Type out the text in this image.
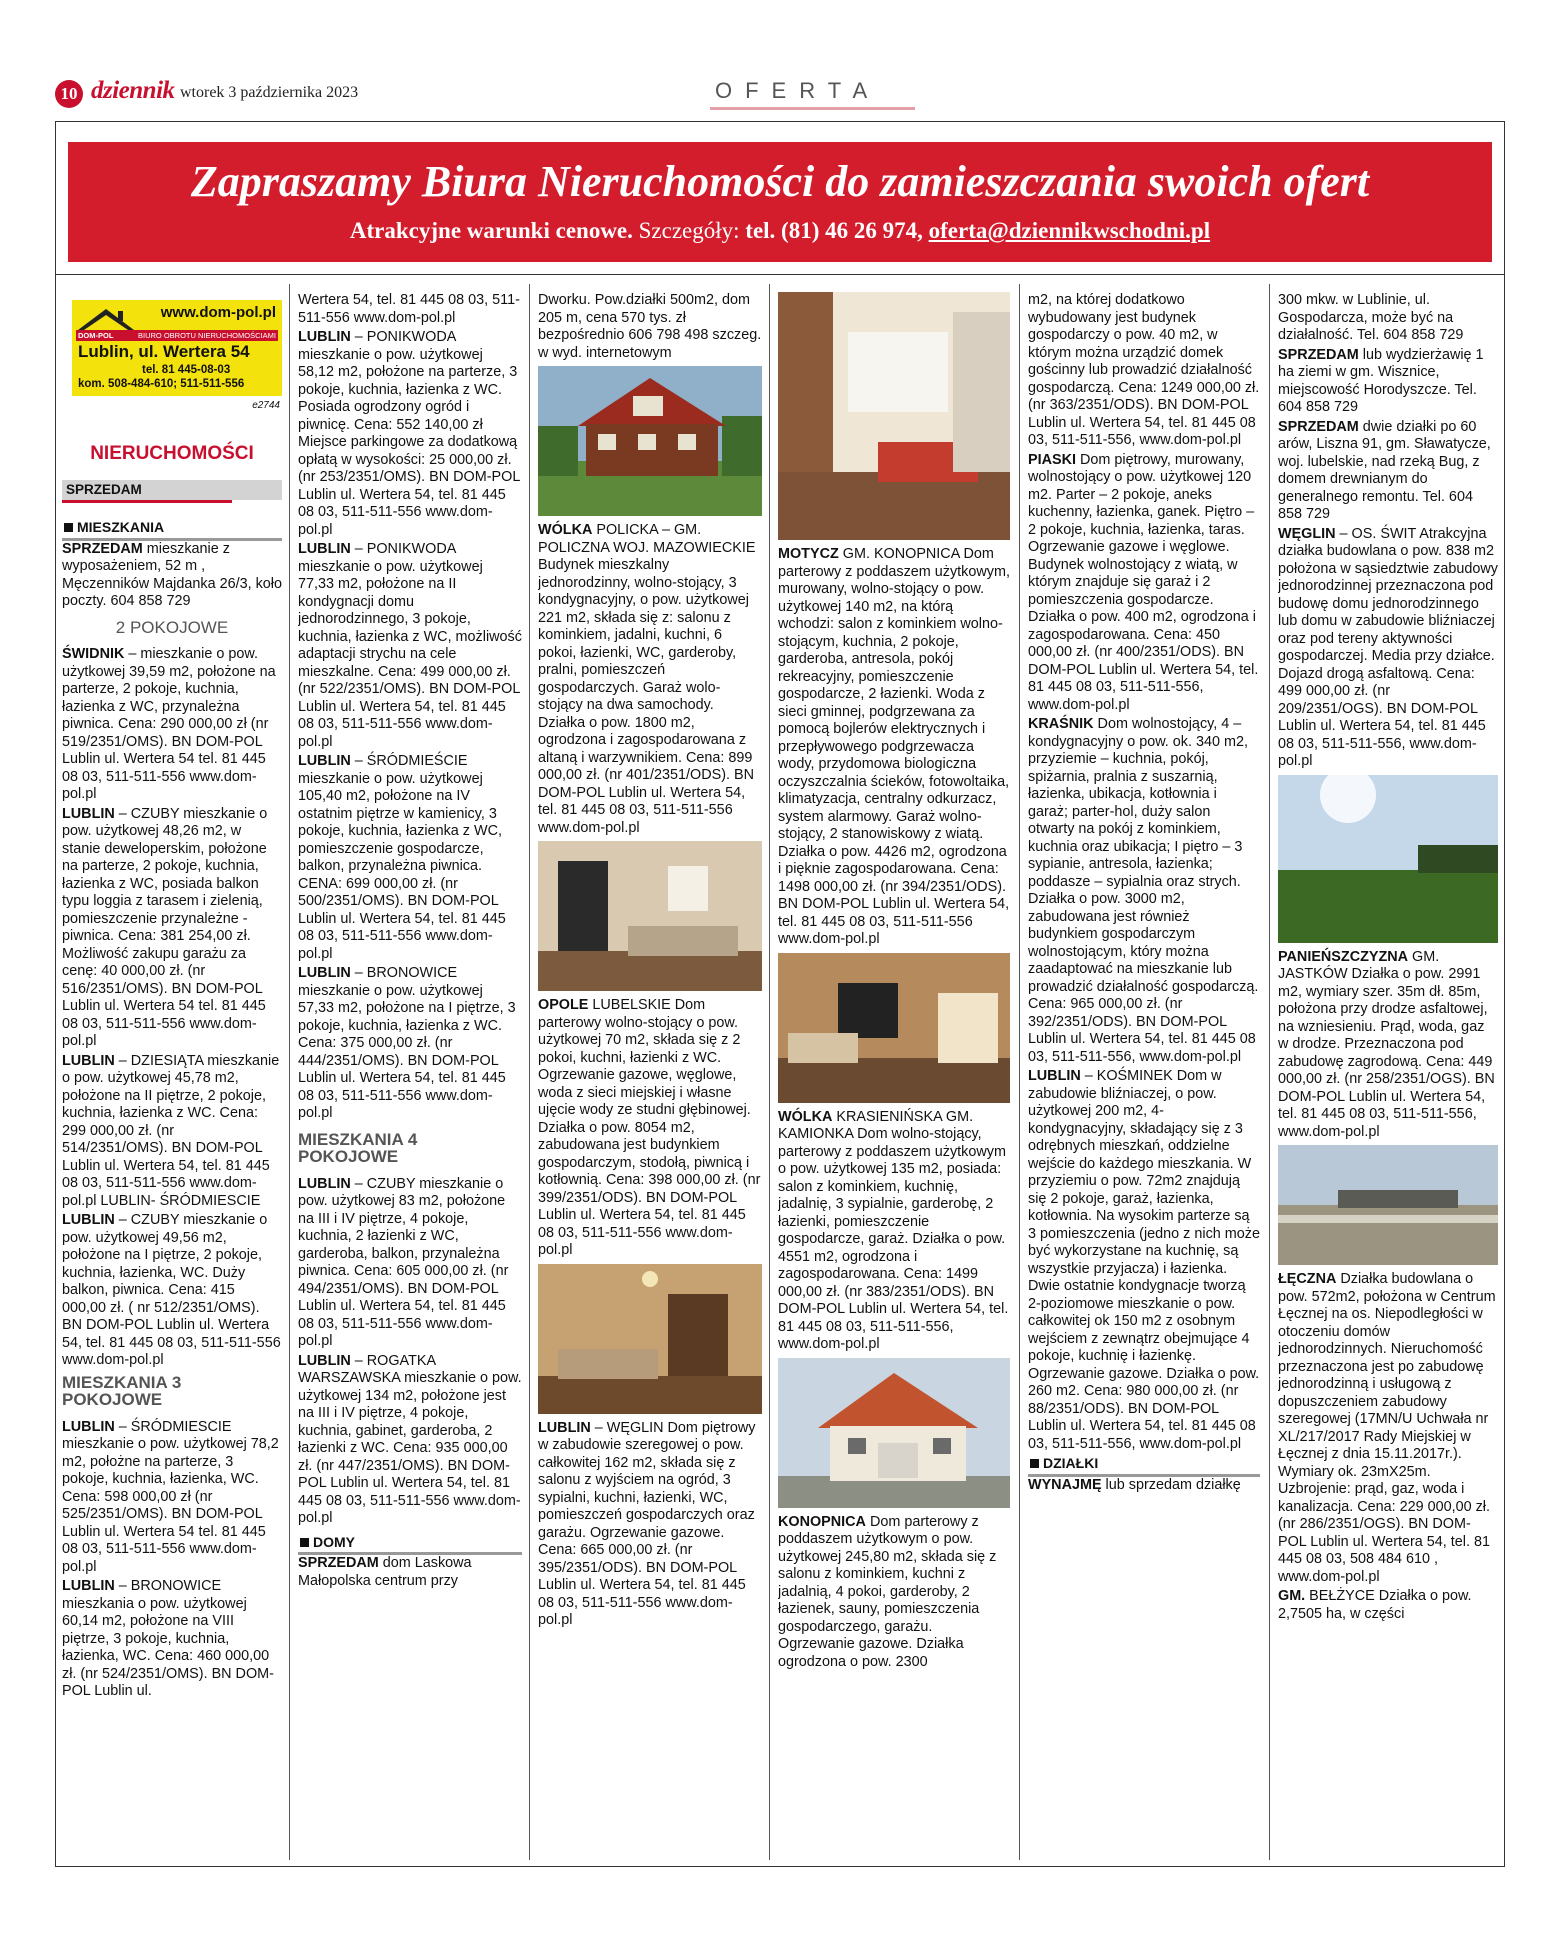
10 dziennik wtorek 3 października 2023	OFERTA
Zapraszamy Biura Nieruchomości do zamieszczania swoich ofert
Atrakcyjne warunki cenowe. Szczegóły: tel. (81) 46 26 974, oferta@dziennikwschodni.pl
www.dom-pol.pl
BIURO OBROTU NIERUCHOMOŚCIAMI
DOM-POL
Lublin, ul. Wertera 54
tel. 81 445-08-03
kom. 508-484-610; 511-511-556
e2744
NIERUCHOMOŚCI
SPRZEDAM
MIESZKANIA

SPRZEDAM mieszkanie z wyposażeniem, 52 m , Męczenników Majdanka 26/3, koło poczty. 604 858 729

2 POKOJOWE

ŚWIDNIK – mieszkanie o pow. użytkowej 39,59 m2, położone na parterze, 2 pokoje, kuchnia, łazienka z WC, przynależna piwnica. Cena: 290 000,00 zł (nr 519/2351/OMS). BN DOM-POL Lublin ul. Wertera 54 tel. 81 445 08 03, 511-511-556 www.dom-pol.pl

LUBLIN – CZUBY mieszkanie o pow. użytkowej 48,26 m2, w stanie deweloperskim, położone na parterze, 2 pokoje, kuchnia, łazienka z WC, posiada balkon typu loggia z tarasem i zielenią, pomieszczenie przynależne - piwnica. Cena: 381 254,00 zł. Możliwość zakupu garażu za cenę: 40 000,00 zł. (nr 516/2351/OMS). BN DOM-POL Lublin ul. Wertera 54 tel. 81 445 08 03, 511-511-556 www.dom-pol.pl

LUBLIN – DZIESIĄTA mieszkanie o pow. użytkowej 45,78 m2, położone na II piętrze, 2 pokoje, kuchnia, łazienka z WC. Cena: 299 000,00 zł. (nr 514/2351/OMS). BN DOM-POL Lublin ul. Wertera 54, tel. 81 445 08 03, 511-511-556 www.dom-pol.pl LUBLIN- ŚRÓDMIESCIE

LUBLIN – CZUBY mieszkanie o pow. użytkowej 49,56 m2, położone na I piętrze, 2 pokoje, kuchnia, łazienka, WC. Duży balkon, piwnica. Cena: 415 000,00 zł. ( nr 512/2351/OMS). BN DOM-POL Lublin ul. Wertera 54, tel. 81 445 08 03, 511-511-556 www.dom-pol.pl

MIESZKANIA 3 POKOJOWE

LUBLIN – ŚRÓDMIESCIE mieszkanie o pow. użytkowej 78,2 m2, położne na parterze, 3 pokoje, kuchnia, łazienka, WC. Cena: 598 000,00 zł (nr 525/2351/OMS). BN DOM-POL Lublin ul. Wertera 54 tel. 81 445 08 03, 511-511-556 www.dom-pol.pl

LUBLIN – BRONOWICE mieszkania o pow. użytkowej 60,14 m2, położone na VIII piętrze, 3 pokoje, kuchnia, łazienka, WC. Cena: 460 000,00 zł. (nr 524/2351/OMS). BN DOM-POL Lublin ul.

Wertera 54, tel. 81 445 08 03, 511-511-556 www.dom-pol.pl

LUBLIN – PONIKWODA mieszkanie o pow. użytkowej 58,12 m2, położone na parterze, 3 pokoje, kuchnia, łazienka z WC. Posiada ogrodzony ogród i piwnicę. Cena: 552 140,00 zł Miejsce parkingowe za dodatkową opłatą w wysokości: 25 000,00 zł. (nr 253/2351/OMS). BN DOM-POL Lublin ul. Wertera 54, tel. 81 445 08 03, 511-511-556 www.dom-pol.pl

LUBLIN – PONIKWODA mieszkanie o pow. użytkowej 77,33 m2, położone na II kondygnacji domu jednorodzinnego, 3 pokoje, kuchnia, łazienka z WC, możliwość adaptacji strychu na cele mieszkalne. Cena: 499 000,00 zł. (nr 522/2351/OMS). BN DOM-POL Lublin ul. Wertera 54, tel. 81 445 08 03, 511-511-556 www.dom-pol.pl

LUBLIN – ŚRÓDMIEŚCIE mieszkanie o pow. użytkowej 105,40 m2, położone na IV ostatnim piętrze w kamienicy, 3 pokoje, kuchnia, łazienka z WC, pomieszczenie gospodarcze, balkon, przynależna piwnica. CENA: 699 000,00 zł. (nr 500/2351/OMS). BN DOM-POL Lublin ul. Wertera 54, tel. 81 445 08 03, 511-511-556 www.dom-pol.pl

LUBLIN – BRONOWICE mieszkanie o pow. użytkowej 57,33 m2, położone na I piętrze, 3 pokoje, kuchnia, łazienka z WC. Cena: 375 000,00 zł. (nr 444/2351/OMS). BN DOM-POL Lublin ul. Wertera 54, tel. 81 445 08 03, 511-511-556 www.dom-pol.pl

MIESZKANIA 4 POKOJOWE

LUBLIN – CZUBY mieszkanie o pow. użytkowej 83 m2, położone na III i IV piętrze, 4 pokoje, kuchnia, 2 łazienki z WC, garderoba, balkon, przynależna piwnica. Cena: 605 000,00 zł. (nr 494/2351/OMS). BN DOM-POL Lublin ul. Wertera 54, tel. 81 445 08 03, 511-511-556 www.dom-pol.pl

LUBLIN – ROGATKA WARSZAWSKA mieszkanie o pow. użytkowej 134 m2, położone jest na III i IV piętrze, 4 pokoje, kuchnia, gabinet, garderoba, 2 łazienki z WC. Cena: 935 000,00 zł. (nr 447/2351/OMS). BN DOM-POL Lublin ul. Wertera 54, tel. 81 445 08 03, 511-511-556 www.dom-pol.pl

DOMY

SPRZEDAM dom Laskowa Małopolska centrum przy

Dworku. Pow.działki 500m2, dom 205 m, cena 570 tys. zł bezpośrednio 606 798 498 szczeg. w wyd. internetowym

WÓLKA POLICKA – GM. POLICZNA WOJ. MAZOWIECKIE Budynek mieszkalny jednorodzinny, wolno-stojący, 3 kondygnacyjny, o pow. użytkowej 221 m2, składa się z: salonu z kominkiem, jadalni, kuchni, 6 pokoi, łazienki, WC, garderoby, pralni, pomieszczeń gospodarczych. Garaż wolo-stojący na dwa samochody. Działka o pow. 1800 m2, ogrodzona i zagospodarowana z altaną i warzywnikiem. Cena: 899 000,00 zł. (nr 401/2351/ODS). BN DOM-POL Lublin ul. Wertera 54, tel. 81 445 08 03, 511-511-556 www.dom-pol.pl

OPOLE LUBELSKIE Dom parterowy wolno-stojący o pow. użytkowej 70 m2, składa się z 2 pokoi, kuchni, łazienki z WC. Ogrzewanie gazowe, węglowe, woda z sieci miejskiej i własne ujęcie wody ze studni głębinowej. Działka o pow. 8054 m2, zabudowana jest budynkiem gospodarczym, stodołą, piwnicą i kotłownią. Cena: 398 000,00 zł. (nr 399/2351/ODS). BN DOM-POL Lublin ul. Wertera 54, tel. 81 445 08 03, 511-511-556 www.dom-pol.pl

LUBLIN – WĘGLIN Dom piętrowy w zabudowie szeregowej o pow. całkowitej 162 m2, składa się z salonu z wyjściem na ogród, 3 sypialni, kuchni, łazienki, WC, pomieszczeń gospodarczych oraz garażu. Ogrzewanie gazowe. Cena: 665 000,00 zł. (nr 395/2351/ODS). BN DOM-POL Lublin ul. Wertera 54, tel. 81 445 08 03, 511-511-556 www.dom-pol.pl

MOTYCZ GM. KONOPNICA Dom parterowy z poddaszem użytkowym, murowany, wolno-stojący o pow. użytkowej 140 m2, na którą wchodzi: salon z kominkiem wolno-stojącym, kuchnia, 2 pokoje, garderoba, antresola, pokój rekreacyjny, pomieszczenie gospodarcze, 2 łazienki. Woda z sieci gminnej, podgrzewana za pomocą bojlerów elektrycznych i przepływowego podgrzewacza wody, przydomowa biologiczna oczyszczalnia ścieków, fotowoltaika, klimatyzacja, centralny odkurzacz, system alarmowy. Garaż wolno-stojący, 2 stanowiskowy z wiatą. Działka o pow. 4426 m2, ogrodzona i pięknie zagospodarowana. Cena: 1498 000,00 zł. (nr 394/2351/ODS). BN DOM-POL Lublin ul. Wertera 54, tel. 81 445 08 03, 511-511-556 www.dom-pol.pl

WÓLKA KRASIENIŃSKA GM. KAMIONKA Dom wolno-stojący, parterowy z poddaszem użytkowym o pow. użytkowej 135 m2, posiada: salon z kominkiem, kuchnię, jadalnię, 3 sypialnie, garderobę, 2 łazienki, pomieszczenie gospodarcze, garaż. Działka o pow. 4551 m2, ogrodzona i zagospodarowana. Cena: 1499 000,00 zł. (nr 383/2351/ODS). BN DOM-POL Lublin ul. Wertera 54, tel. 81 445 08 03, 511-511-556, www.dom-pol.pl

KONOPNICA Dom parterowy z poddaszem użytkowym o pow. użytkowej 245,80 m2, składa się z salonu z kominkiem, kuchni z jadalnią, 4 pokoi, garderoby, 2 łazienek, sauny, pomieszczenia gospodarczego, garażu. Ogrzewanie gazowe. Działka ogrodzona o pow. 2300

m2, na której dodatkowo wybudowany jest budynek gospodarczy o pow. 40 m2, w którym można urządzić domek gościnny lub prowadzić działalność gospodarczą. Cena: 1249 000,00 zł. (nr 363/2351/ODS). BN DOM-POL Lublin ul. Wertera 54, tel. 81 445 08 03, 511-511-556, www.dom-pol.pl

PIASKI Dom piętrowy, murowany, wolnostojący o pow. użytkowej 120 m2. Parter – 2 pokoje, aneks kuchenny, łazienka, ganek. Piętro – 2 pokoje, kuchnia, łazienka, taras. Ogrzewanie gazowe i węglowe. Budynek wolnostojący z wiatą, w którym znajduje się garaż i 2 pomieszczenia gospodarcze. Działka o pow. 400 m2, ogrodzona i zagospodarowana. Cena: 450 000,00 zł. (nr 400/2351/ODS). BN DOM-POL Lublin ul. Wertera 54, tel. 81 445 08 03, 511-511-556, www.dom-pol.pl

KRAŚNIK Dom wolnostojący, 4 – kondygnacyjny o pow. ok. 340 m2, przyziemie – kuchnia, pokój, spiżarnia, pralnia z suszarnią, łazienka, ubikacja, kotłownia i garaż; parter-hol, duży salon otwarty na pokój z kominkiem, kuchnia oraz ubikacja; I piętro – 3 sypianie, antresola, łazienka; poddasze – sypialnia oraz strych. Działka o pow. 3000 m2, zabudowana jest również budynkiem gospodarczym wolnostojącym, który można zaadaptować na mieszkanie lub prowadzić działalność gospodarczą. Cena: 965 000,00 zł. (nr 392/2351/ODS). BN DOM-POL Lublin ul. Wertera 54, tel. 81 445 08 03, 511-511-556, www.dom-pol.pl

LUBLIN – KOŚMINEK Dom w zabudowie bliźniaczej, o pow. użytkowej 200 m2, 4-kondygnacyjny, składający się z 3 odrębnych mieszkań, oddzielne wejście do każdego mieszkania. W przyziemiu o pow. 72m2 znajdują się 2 pokoje, garaż, łazienka, kotłownia. Na wysokim parterze są 3 pomieszczenia (jedno z nich może być wykorzystane na kuchnię, są wszystkie przyjacza) i łazienka. Dwie ostatnie kondygnacje tworzą 2-poziomowe mieszkanie o pow. całkowitej ok 150 m2 z osobnym wejściem z zewnątrz obejmujące 4 pokoje, kuchnię i łazienkę. Ogrzewanie gazowe. Działka o pow. 260 m2. Cena: 980 000,00 zł. (nr 88/2351/ODS). BN DOM-POL Lublin ul. Wertera 54, tel. 81 445 08 03, 511-511-556, www.dom-pol.pl

DZIAŁKI

WYNAJMĘ lub sprzedam działkę

300 mkw. w Lublinie, ul. Gospodarcza, może być na działalność. Tel. 604 858 729

SPRZEDAM lub wydzierżawię 1 ha ziemi w gm. Wisznice, miejscowość Horodyszcze. Tel. 604 858 729

SPRZEDAM dwie działki po 60 arów, Liszna 91, gm. Sławatycze, woj. lubelskie, nad rzeką Bug, z domem drewnianym do generalnego remontu. Tel. 604 858 729

WĘGLIN – OS. ŚWIT Atrakcyjna działka budowlana o pow. 838 m2 położona w sąsiedztwie zabudowy jednorodzinnej przeznaczona pod budowę domu jednorodzinnego lub domu w zabudowie bliźniaczej oraz pod tereny aktywności gospodarczej. Media przy działce. Dojazd drogą asfaltową. Cena: 499 000,00 zł. (nr 209/2351/OGS). BN DOM-POL Lublin ul. Wertera 54, tel. 81 445 08 03, 511-511-556, www.dom-pol.pl

PANIEŃSZCZYZNA GM. JASTKÓW Działka o pow. 2991 m2, wymiary szer. 35m dł. 85m, położona przy drodze asfaltowej, na wzniesieniu. Prąd, woda, gaz w drodze. Przeznaczona pod zabudowę zagrodową. Cena: 449 000,00 zł. (nr 258/2351/OGS). BN DOM-POL Lublin ul. Wertera 54, tel. 81 445 08 03, 511-511-556, www.dom-pol.pl

ŁĘCZNA Działka budowlana o pow. 572m2, położona w Centrum Łęcznej na os. Niepodległości w otoczeniu domów jednorodzinnych. Nieruchomość przeznaczona jest po zabudowę jednorodzinną i usługową z dopuszczeniem zabudowy szeregowej (17MN/U Uchwała nr XL/217/2017 Rady Miejskiej w Łęcznej z dnia 15.11.2017r.). Wymiary ok. 23mX25m. Uzbrojenie: prąd, gaz, woda i kanalizacja. Cena: 229 000,00 zł. (nr 286/2351/OGS). BN DOM-POL Lublin ul. Wertera 54, tel. 81 445 08 03, 508 484 610 , www.dom-pol.pl

GM. BEŁŻYCE Działka o pow. 2,7505 ha, w części
